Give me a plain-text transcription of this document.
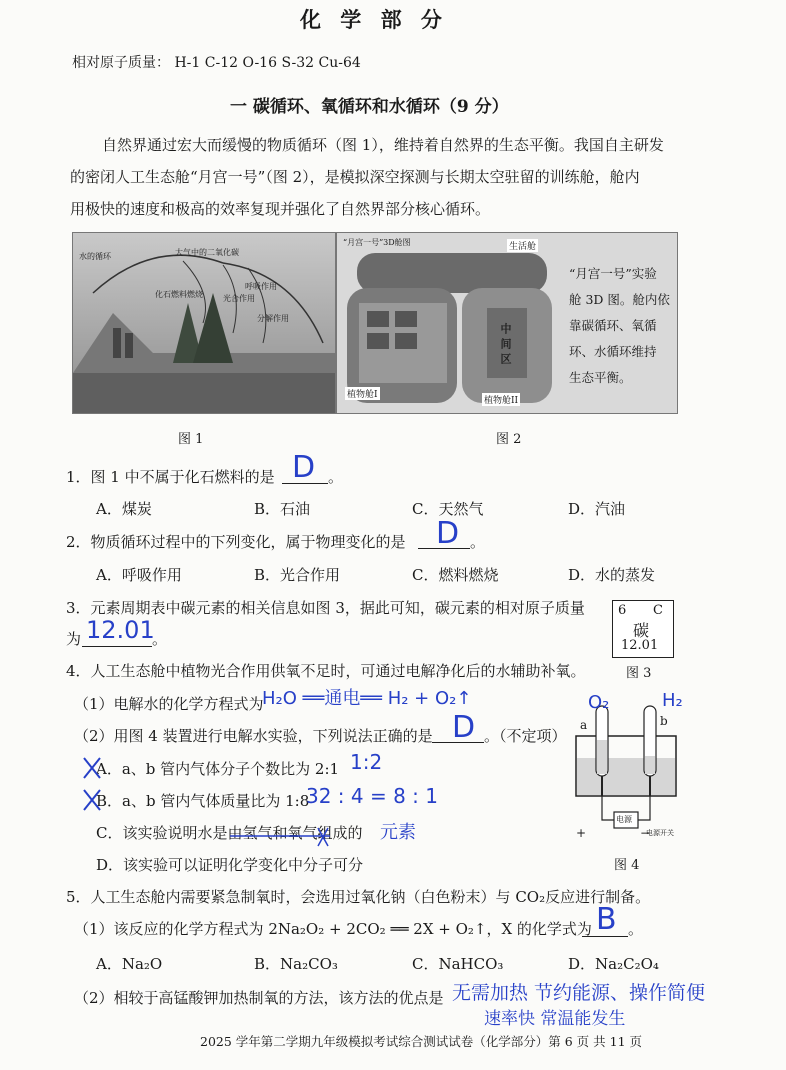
化 学 部 分
相对原子质量： H-1 C-12 O-16 S-32 Cu-64
一 碳循环、氧循环和水循环（9 分）
自然界通过宏大而缓慢的物质循环（图 1），维持着自然界的生态平衡。我国自主研发
的密闭人工生态舱“月宫一号”（图 2），是模拟深空探测与长期太空驻留的训练舱，舱内
用极快的速度和极高的效率复现并强化了自然界部分核心循环。
水的循环	大气中的二氧化碳
光合作用
化石燃料燃烧
呼吸作用
分解作用
图 1
“月宫一号”3D舱图
植物舱I
植物舱II
生活舱
中 间 区
“月宫一号”实验
舱 3D 图。舱内依
靠碳循环、氧循
环、水循环维持
生态平衡。
图 2
1．图 1 中不属于化石燃料的是	。
D
A．煤炭	B．石油	C．天然气	D．汽油
2．物质循环过程中的下列变化，属于物理变化的是	。
D
A．呼吸作用	B．光合作用	C．燃料燃烧	D．水的蒸发
3．元素周期表中碳元素的相关信息如图 3，据此可知，碳元素的相对原子质量
为	。
12.01
6 C
碳
12.01
图 3
4．人工生态舱中植物光合作用供氧不足时，可通过电解净化后的水辅助补氧。
（1）电解水的化学方程式为
H₂O ══通电══ H₂ + O₂↑
（2）用图 4 装置进行电解水实验，下列说法正确的是	。（不定项）
D
A．a、b 管内气体分子个数比为 2:1 1:2
B．a、b 管内气体质量比为 1:8
32 : 4 = 8 : 1
C．该实验说明水是由氢气和氧气组成的 元素
D．该实验可以证明化学变化中分子可分
a	b
O₂	H₂
电源
电源开关
+	−
图 4
5．人工生态舱内需要紧急制氧时，会选用过氧化钠（白色粉末）与 CO₂反应进行制备。
（1）该反应的化学方程式为 2Na₂O₂ + 2CO₂ ══ 2X + O₂↑，X 的化学式为 。
B
A．Na₂O	B．Na₂CO₃	C．NaHCO₃	D．Na₂C₂O₄
（2）相较于高锰酸钾加热制氧的方法，该方法的优点是 无需加热 节约能源、操作简便
速率快 常温能发生
2025 学年第二学期九年级模拟考试综合测试试卷（化学部分）第 6 页 共 11 页
